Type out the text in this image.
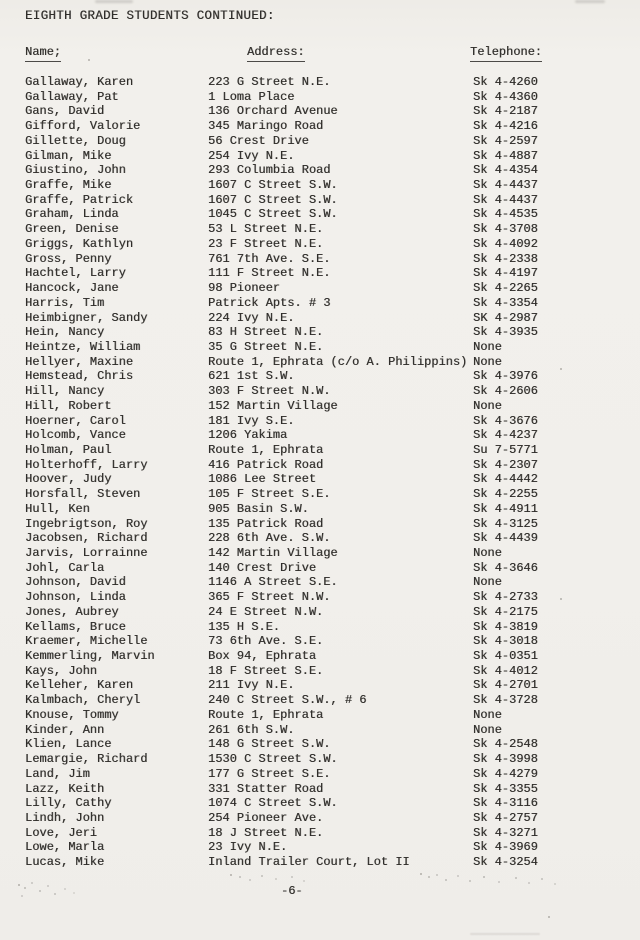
EIGHTH GRADE STUDENTS CONTINUED:
Name;	Address:	Telephone:
Gallaway, Karen	223 G Street N.E.	Sk 4-4260
Gallaway, Pat	1 Loma Place	Sk 4-4360
Gans, David	136 Orchard Avenue	Sk 4-2187
Gifford, Valorie	345 Maringo Road	Sk 4-4216
Gillette, Doug	56 Crest Drive	Sk 4-2597
Gilman, Mike	254 Ivy N.E.	Sk 4-4887
Giustino, John	293 Columbia Road	Sk 4-4354
Graffe, Mike	1607 C Street S.W.	Sk 4-4437
Graffe, Patrick	1607 C Street S.W.	Sk 4-4437
Graham, Linda	1045 C Street S.W.	Sk 4-4535
Green, Denise	53 L Street N.E.	Sk 4-3708
Griggs, Kathlyn	23 F Street N.E.	Sk 4-4092
Gross, Penny	761 7th Ave. S.E.	Sk 4-2338
Hachtel, Larry	111 F Street N.E.	Sk 4-4197
Hancock, Jane	98 Pioneer	Sk 4-2265
Harris, Tim	Patrick Apts. # 3	Sk 4-3354
Heimbigner, Sandy	224 Ivy N.E.	SK 4-2987
Hein, Nancy	83 H Street N.E.	Sk 4-3935
Heintze, William	35 G Street N.E.	None
Hellyer, Maxine	Route 1, Ephrata (c/o A. Philippins) None
Hemstead, Chris	621 1st S.W.	Sk 4-3976
Hill, Nancy	303 F Street N.W.	Sk 4-2606
Hill, Robert	152 Martin Village	None
Hoerner, Carol	181 Ivy S.E.	Sk 4-3676
Holcomb, Vance	1206 Yakima	Sk 4-4237
Holman, Paul	Route 1, Ephrata	Su 7-5771
Holterhoff, Larry	416 Patrick Road	Sk 4-2307
Hoover, Judy	1086 Lee Street	Sk 4-4442
Horsfall, Steven	105 F Street S.E.	Sk 4-2255
Hull, Ken	905 Basin S.W.	Sk 4-4911
Ingebrigtson, Roy	135 Patrick Road	Sk 4-3125
Jacobsen, Richard	228 6th Ave. S.W.	Sk 4-4439
Jarvis, Lorrainne	142 Martin Village	None
Johl, Carla	140 Crest Drive	Sk 4-3646
Johnson, David	1146 A Street S.E.	None
Johnson, Linda	365 F Street N.W.	Sk 4-2733
Jones, Aubrey	24 E Street N.W.	Sk 4-2175
Kellams, Bruce	135 H S.E.	Sk 4-3819
Kraemer, Michelle	73 6th Ave. S.E.	Sk 4-3018
Kemmerling, Marvin	Box 94, Ephrata	Sk 4-0351
Kays, John	18 F Street S.E.	Sk 4-4012
Kelleher, Karen	211 Ivy N.E.	Sk 4-2701
Kalmbach, Cheryl	240 C Street S.W., # 6	Sk 4-3728
Knouse, Tommy	Route 1, Ephrata	None
Kinder, Ann	261 6th S.W.	None
Klien, Lance	148 G Street S.W.	Sk 4-2548
Lemargie, Richard	1530 C Street S.W.	Sk 4-3998
Land, Jim	177 G Street S.E.	Sk 4-4279
Lazz, Keith	331 Statter Road	Sk 4-3355
Lilly, Cathy	1074 C Street S.W.	Sk 4-3116
Lindh, John	254 Pioneer Ave.	Sk 4-2757
Love, Jeri	18 J Street N.E.	Sk 4-3271
Lowe, Marla	23 Ivy N.E.	Sk 4-3969
Lucas, Mike	Inland Trailer Court, Lot II	Sk 4-3254
-6-
